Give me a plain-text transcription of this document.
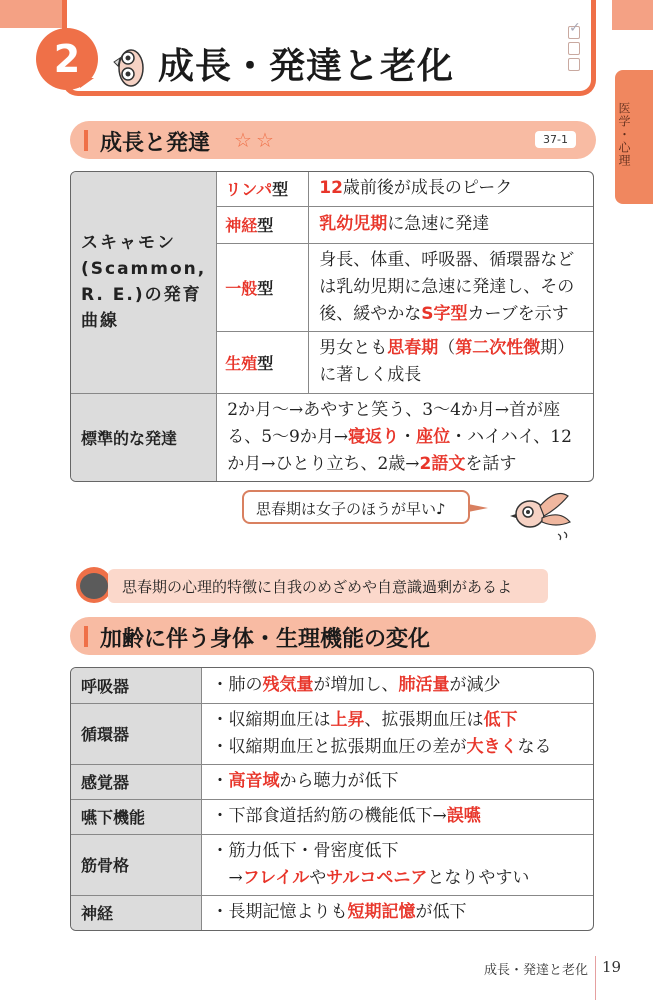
2	成長・発達と老化
✓
医学・心理
成長と発達 ☆ ☆	37-1
スキャモン(Scammon, R. E.)の発育曲線	リンパ型	12歳前後が成長のピーク
	神経型	乳幼児期に急速に発達
	一般型	身長、体重、呼吸器、循環器などは乳幼児期に急速に発達し、その後、緩やかなS字型カーブを示す
	生殖型	男女とも思春期（第二次性徴期）に著しく成長
標準的な発達	2か月〜→あやすと笑う、3〜4か月→首が座る、5〜9か月→寝返り・座位・ハイハイ、12か月→ひとり立ち、2歳→2語文を話す	
思春期は女子のほうが早い♪
思春期の心理的特徴に自我のめざめや自意識過剰があるよ
加齢に伴う身体・生理機能の変化
呼吸器	・肺の残気量が増加し、肺活量が減少

循環器	・収縮期血圧は上昇、拡張期血圧は低下
・収縮期血圧と拡張期血圧の差が大きくなる

感覚器	・高音域から聴力が低下

嚥下機能	・下部食道括約筋の機能低下→誤嚥

筋骨格	・筋力低下・骨密度低下
　→フレイルやサルコペニアとなりやすい

神経	・長期記憶よりも短期記憶が低下
成長・発達と老化 19
